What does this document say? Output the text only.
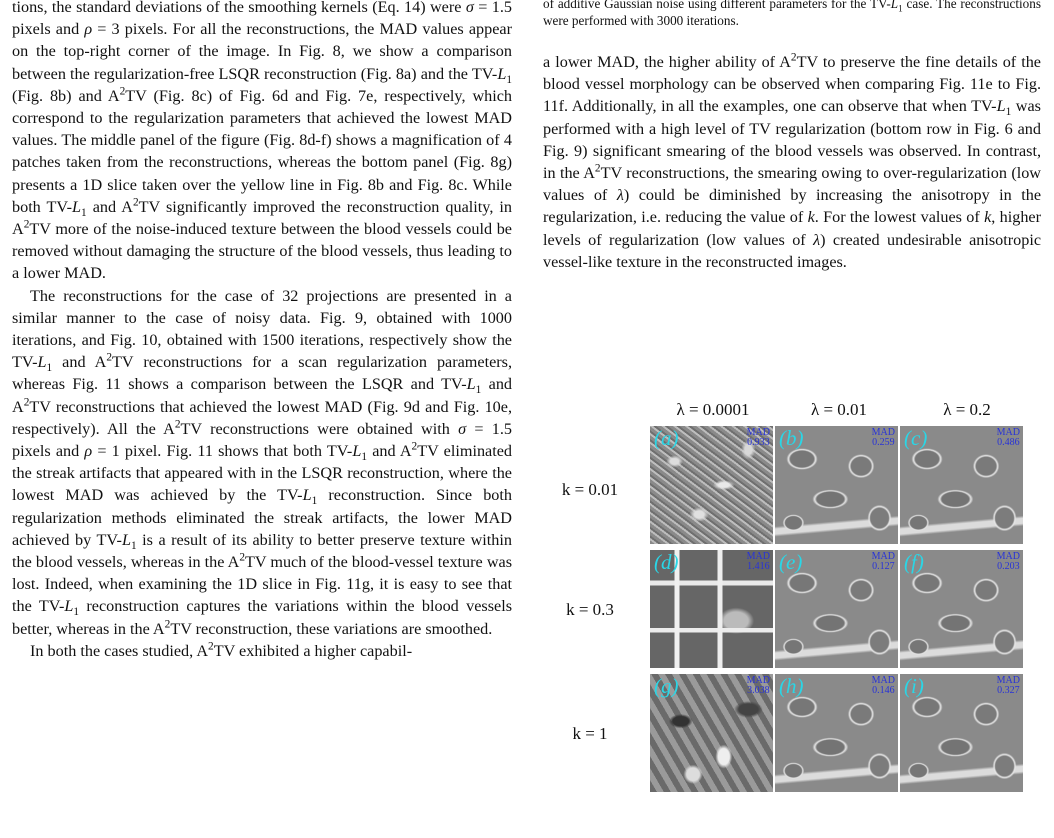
tions, the standard deviations of the smoothing kernels (Eq. 14) were σ = 1.5 pixels and ρ = 3 pixels. For all the reconstructions, the MAD values appear on the top-right corner of the image. In Fig. 8, we show a comparison between the regularization-free LSQR reconstruction (Fig. 8a) and the $TV-L_1$ (Fig. 8b) and $A^2TV$ (Fig. 8c) of Fig. 6d and Fig. 7e, respectively, which correspond to the regularization parameters that achieved the lowest MAD values. The middle panel of the figure (Fig. 8d-f) shows a magnification of 4 patches taken from the reconstructions, whereas the bottom panel (Fig. 8g) presents a 1D slice taken over the yellow line in Fig. 8b and Fig. 8c. While both $TV-L_1$ and $A^2TV$ significantly improved the reconstruction quality, in $A^2TV$ more of the noise-induced texture between the blood vessels could be removed without damaging the structure of the blood vessels, thus leading to a lower MAD.

The reconstructions for the case of 32 projections are presented in a similar manner to the case of noisy data. Fig. 9, obtained with 1000 iterations, and Fig. 10, obtained with 1500 iterations, respectively show the $TV-L_1$ and $A^2TV$ reconstructions for a scan regularization parameters, whereas Fig. 11 shows a comparison between the LSQR and $TV-L_1$ and $A^2TV$ reconstructions that achieved the lowest MAD (Fig. 9d and Fig. 10e, respectively). All the $A^2TV$ reconstructions were obtained with σ = 1.5 pixels and ρ = 1 pixel. Fig. 11 shows that both $TV-L_1$ and $A^2TV$ eliminated the streak artifacts that appeared with in the LSQR reconstruction, where the lowest MAD was achieved by the $TV-L_1$ reconstruction. Since both regularization methods eliminated the streak artifacts, the lower MAD achieved by $TV-L_1$ is a result of its ability to better preserve texture within the blood vessels, whereas in the $A^2TV$ much of the blood-vessel texture was lost. Indeed, when examining the 1D slice in Fig. 11g, it is easy to see that the $TV-L_1$ reconstruction captures the variations within the blood vessels better, whereas in the $A^2TV$ reconstruction, these variations are smoothed.

In both the cases studied, $A^2TV$ exhibited a higher capabil-

of additive Gaussian noise using different parameters for the $TV-L_1$ case. The reconstructions were performed with 3000 iterations.

a lower MAD, the higher ability of $A^2TV$ to preserve the fine details of the blood vessel morphology can be observed when comparing Fig. 11e to Fig. 11f. Additionally, in all the examples, one can observe that when $TV-L_1$ was performed with a high level of TV regularization (bottom row in Fig. 6 and Fig. 9) significant smearing of the blood vessels was observed. In contrast, in the $A^2TV$ reconstructions, the smearing owing to over-regularization (low values of λ) could be diminished by increasing the anisotropy in the regularization, i.e. reducing the value of k. For the lowest values of k, higher levels of regularization (low values of λ) created undesirable anisotropic vessel-like texture in the reconstructed images.

λ = 0.0001	λ = 0.01	λ = 0.2
k = 0.01
k = 0.3
k = 1
(a)	MAD
0.933 (b)	MAD
0.259 (c)	MAD
0.486
(d)	MAD
1.416 (e)	MAD
0.127 (f)	MAD
0.203
(g)	MAD
3.038 (h)	MAD
0.146 (i)	MAD
0.327
